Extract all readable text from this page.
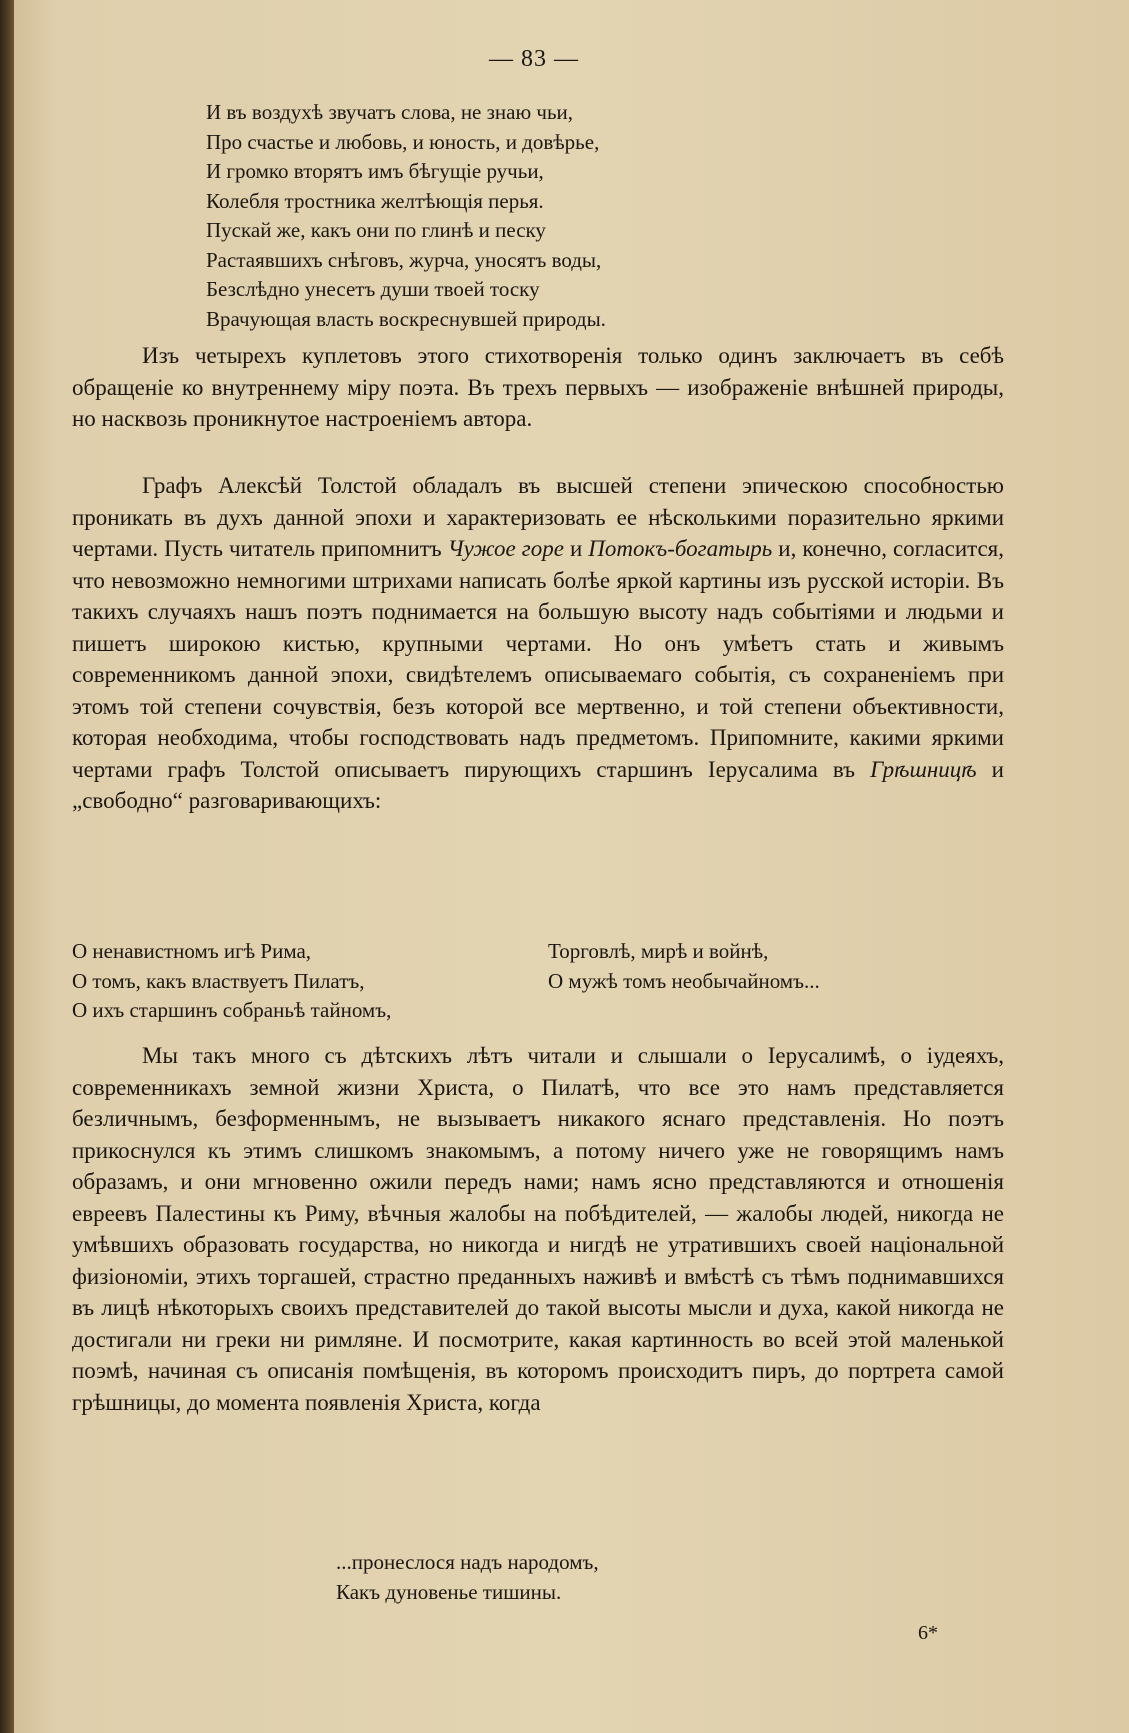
— 83 —
И въ воздухѣ звучатъ слова, не знаю чьи,
Про счастье и любовь, и юность, и довѣрье,
И громко вторятъ имъ бѣгущіе ручьи,
Колебля тростника желтѣющія перья.
Пускай же, какъ они по глинѣ и песку
Растаявшихъ снѣговъ, журча, уносятъ воды,
Безслѣдно унесетъ души твоей тоску
Врачующая власть воскреснувшей природы.

Изъ четырехъ куплетовъ этого стихотворенія только одинъ заключаетъ въ себѣ обращеніе ко внутреннему міру поэта. Въ трехъ первыхъ — изображеніе внѣшней природы, но насквозь проникнутое настроеніемъ автора.

Графъ Алексѣй Толстой обладалъ въ высшей степени эпическою способностью проникать въ духъ данной эпохи и характеризовать ее нѣсколькими поразительно яркими чертами. Пусть читатель припомнитъ Чужое горе и Потокъ-богатырь и, конечно, согласится, что невозможно немногими штрихами написать болѣе яркой картины изъ русской исторіи. Въ такихъ случаяхъ нашъ поэтъ поднимается на большую высоту надъ событіями и людьми и пишетъ широкою кистью, крупными чертами. Но онъ умѣетъ стать и живымъ современникомъ данной эпохи, свидѣтелемъ описываемаго событія, съ сохраненіемъ при этомъ той степени сочувствія, безъ которой все мертвенно, и той степени объективности, которая необходима, чтобы господствовать надъ предметомъ. Припомните, какими яркими чертами графъ Толстой описываетъ пирующихъ старшинъ Іерусалима въ Грѣшницѣ и „свободно“ разговаривающихъ:

О ненавистномъ игѣ Рима,
О томъ, какъ властвуетъ Пилатъ,
О ихъ старшинъ собраньѣ тайномъ,
Торговлѣ, мирѣ и войнѣ,
О мужѣ томъ необычайномъ...

Мы такъ много съ дѣтскихъ лѣтъ читали и слышали о Іерусалимѣ, о іудеяхъ, современникахъ земной жизни Христа, о Пилатѣ, что все это намъ представляется безличнымъ, безформеннымъ, не вызываетъ никакого яснаго представленія. Но поэтъ прикоснулся къ этимъ слишкомъ знакомымъ, а потому ничего уже не говорящимъ намъ образамъ, и они мгновенно ожили передъ нами; намъ ясно представляются и отношенія евреевъ Палестины къ Риму, вѣчныя жалобы на побѣдителей, — жалобы людей, никогда не умѣвшихъ образовать государства, но никогда и нигдѣ не утратившихъ своей національной физіономіи, этихъ торгашей, страстно преданныхъ наживѣ и вмѣстѣ съ тѣмъ поднимавшихся въ лицѣ нѣкоторыхъ своихъ представителей до такой высоты мысли и духа, какой никогда не достигали ни греки ни римляне. И посмотрите, какая картинность во всей этой маленькой поэмѣ, начиная съ описанія помѣщенія, въ которомъ происходитъ пиръ, до портрета самой грѣшницы, до момента появленія Христа, когда

...пронеслося надъ народомъ,
Какъ дуновенье тишины.
6*
